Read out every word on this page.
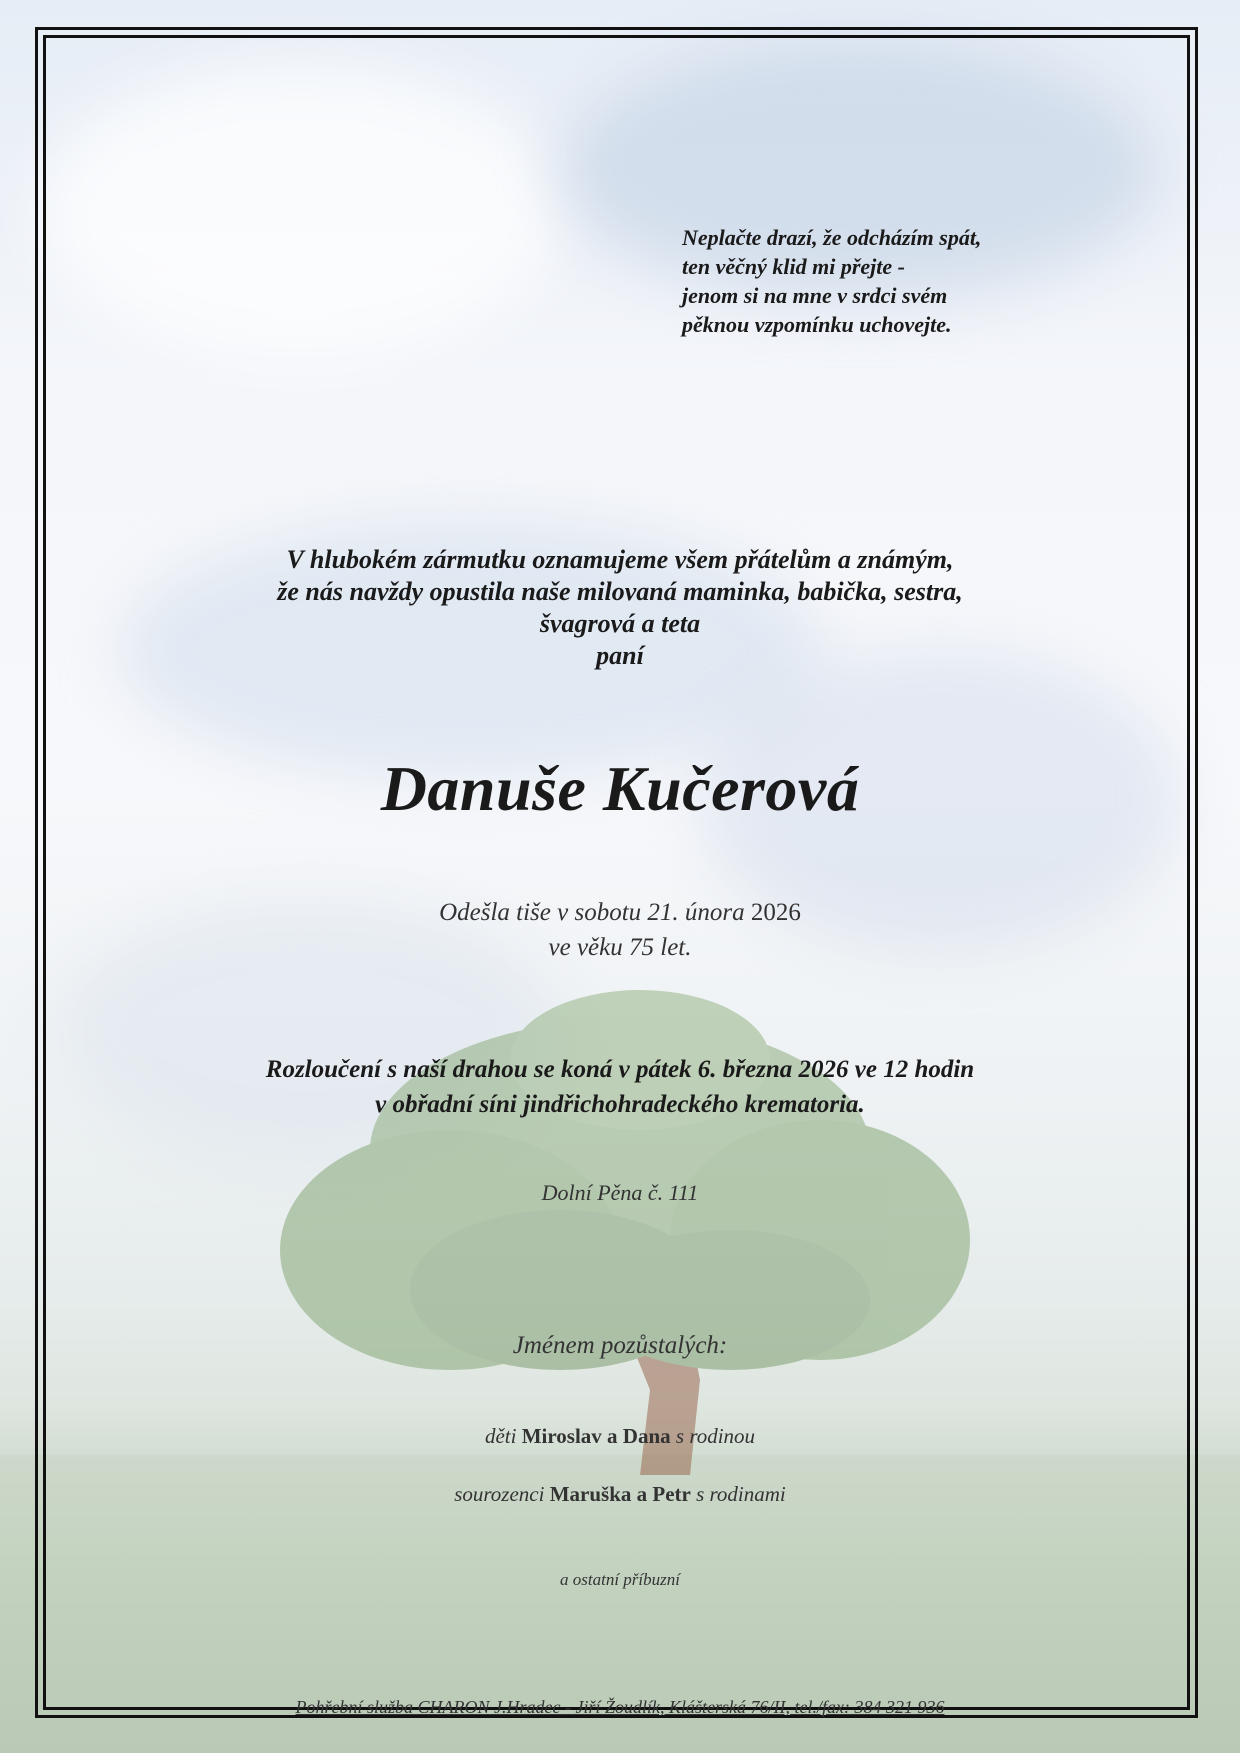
Neplačte drazí, že odcházím spát,
ten věčný klid mi přejte -
jenom si na mne v srdci svém
pěknou vzpomínku uchovejte.
V hlubokém zármutku oznamujeme všem přátelům a známým,
že nás navždy opustila naše milovaná maminka, babička, sestra,
švagrová a teta
paní
Danuše Kučerová
Odešla tiše v sobotu 21. února 2026
ve věku 75 let.
Rozloučení s naší drahou se koná v pátek 6. března 2026 ve 12 hodin
v obřadní síni jindřichohradeckého krematoria.
Dolní Pěna č. 111
Jménem pozůstalých:
děti Miroslav a Dana s rodinou
sourozenci Maruška a Petr s rodinami
a ostatní příbuzní
Pohřební služba CHARON J.Hradec - Jiří Žoudlík, Klášterská 76/II, tel./fax: 384 321 936
